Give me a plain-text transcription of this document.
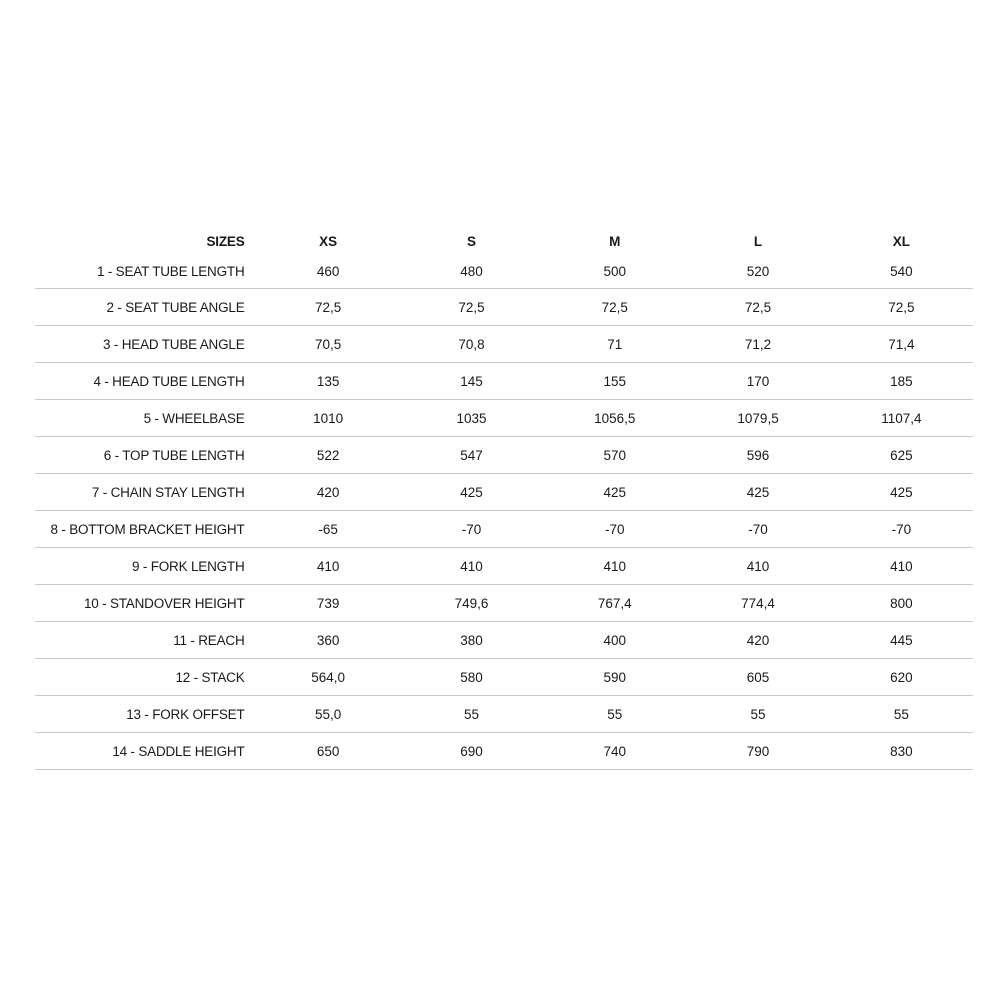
SIZES	XS	S	M	L	XL
1 - SEAT TUBE LENGTH	460	480	500	520	540
2 - SEAT TUBE ANGLE	72,5	72,5	72,5	72,5	72,5
3 - HEAD TUBE ANGLE	70,5	70,8	71	71,2	71,4
4 - HEAD TUBE LENGTH	135	145	155	170	185
5 - WHEELBASE	1010	1035	1056,5	1079,5	1107,4
6 - TOP TUBE LENGTH	522	547	570	596	625
7 - CHAIN STAY LENGTH	420	425	425	425	425
8 - BOTTOM BRACKET HEIGHT	-65	-70	-70	-70	-70
9 - FORK LENGTH	410	410	410	410	410
10 - STANDOVER HEIGHT	739	749,6	767,4	774,4	800
11 - REACH	360	380	400	420	445
12 - STACK	564,0	580	590	605	620
13 - FORK OFFSET	55,0	55	55	55	55
14 - SADDLE HEIGHT	650	690	740	790	830
